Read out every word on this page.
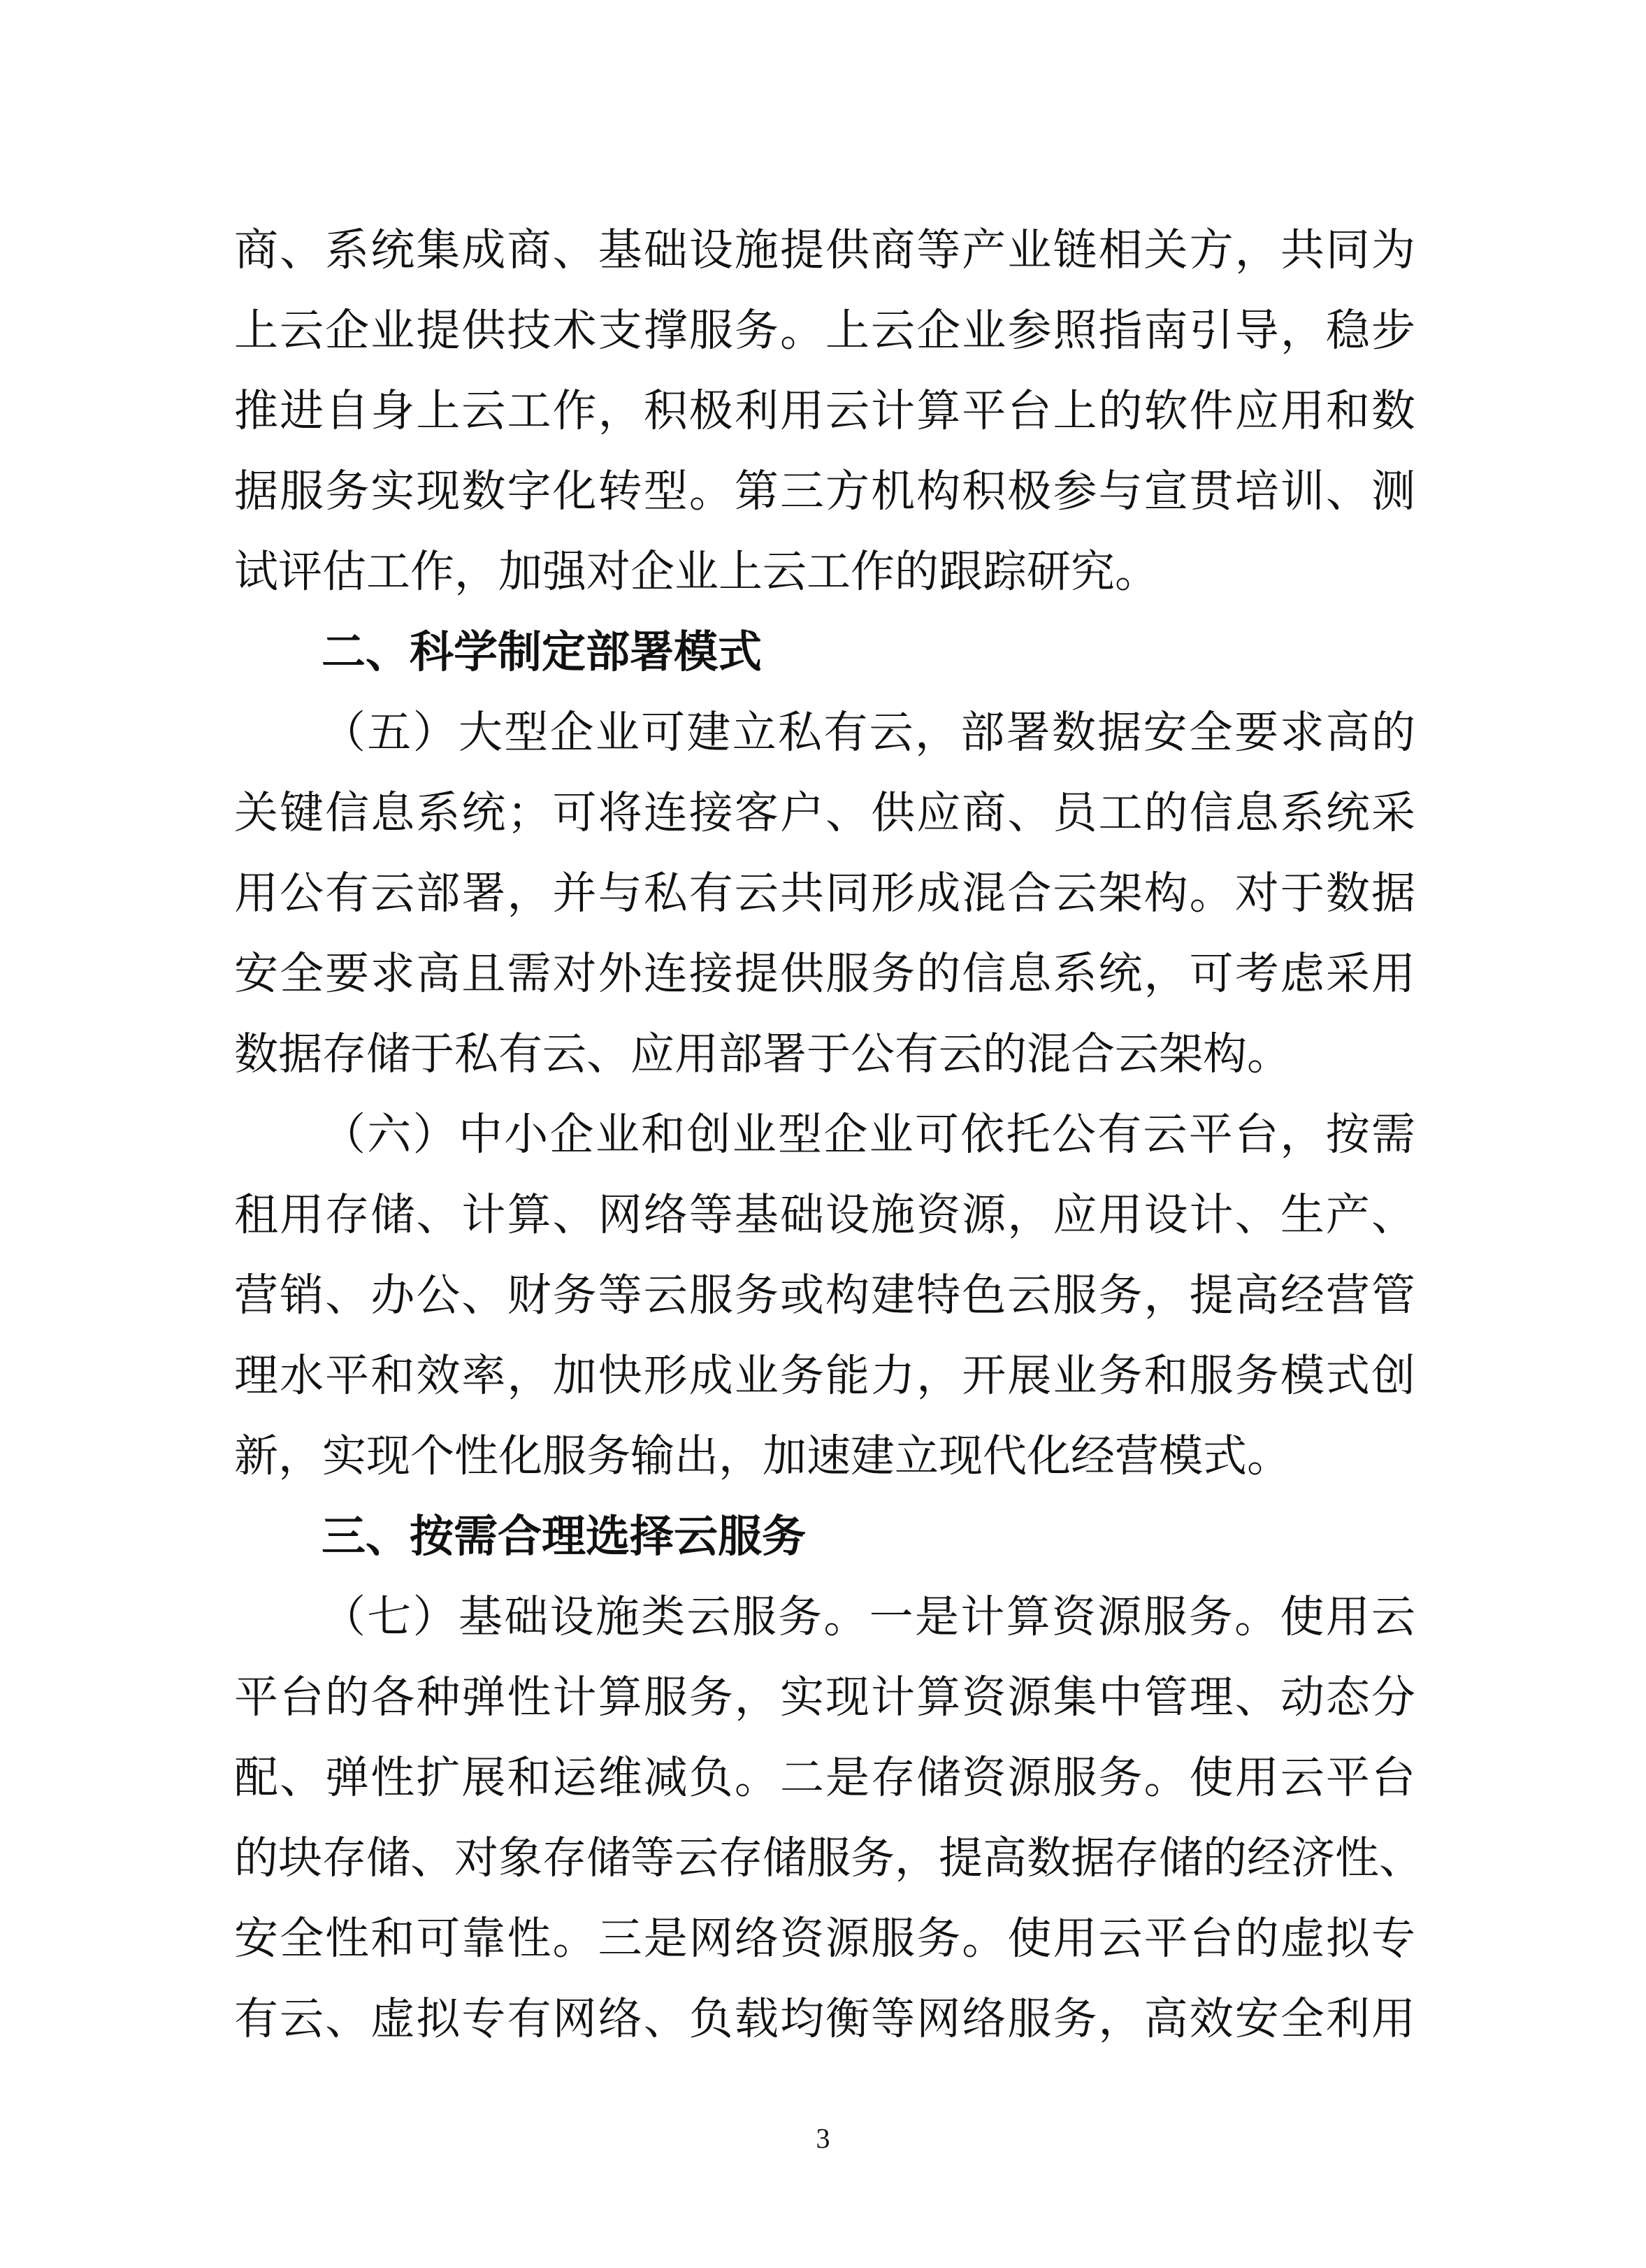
商、系统集成商、基础设施提供商等产业链相关方，共同为
上云企业提供技术支撑服务。上云企业参照指南引导，稳步
推进自身上云工作，积极利用云计算平台上的软件应用和数
据服务实现数字化转型。第三方机构积极参与宣贯培训、测
试评估工作，加强对企业上云工作的跟踪研究。
二、科学制定部署模式
（五）大型企业可建立私有云，部署数据安全要求高的
关键信息系统；可将连接客户、供应商、员工的信息系统采
用公有云部署，并与私有云共同形成混合云架构。对于数据
安全要求高且需对外连接提供服务的信息系统，可考虑采用
数据存储于私有云、应用部署于公有云的混合云架构。
（六）中小企业和创业型企业可依托公有云平台，按需
租用存储、计算、网络等基础设施资源，应用设计、生产、
营销、办公、财务等云服务或构建特色云服务，提高经营管
理水平和效率，加快形成业务能力，开展业务和服务模式创
新，实现个性化服务输出，加速建立现代化经营模式。
三、按需合理选择云服务
（七）基础设施类云服务。一是计算资源服务。使用云
平台的各种弹性计算服务，实现计算资源集中管理、动态分
配、弹性扩展和运维减负。二是存储资源服务。使用云平台
的块存储、对象存储等云存储服务，提高数据存储的经济性、
安全性和可靠性。三是网络资源服务。使用云平台的虚拟专
有云、虚拟专有网络、负载均衡等网络服务，高效安全利用
3
